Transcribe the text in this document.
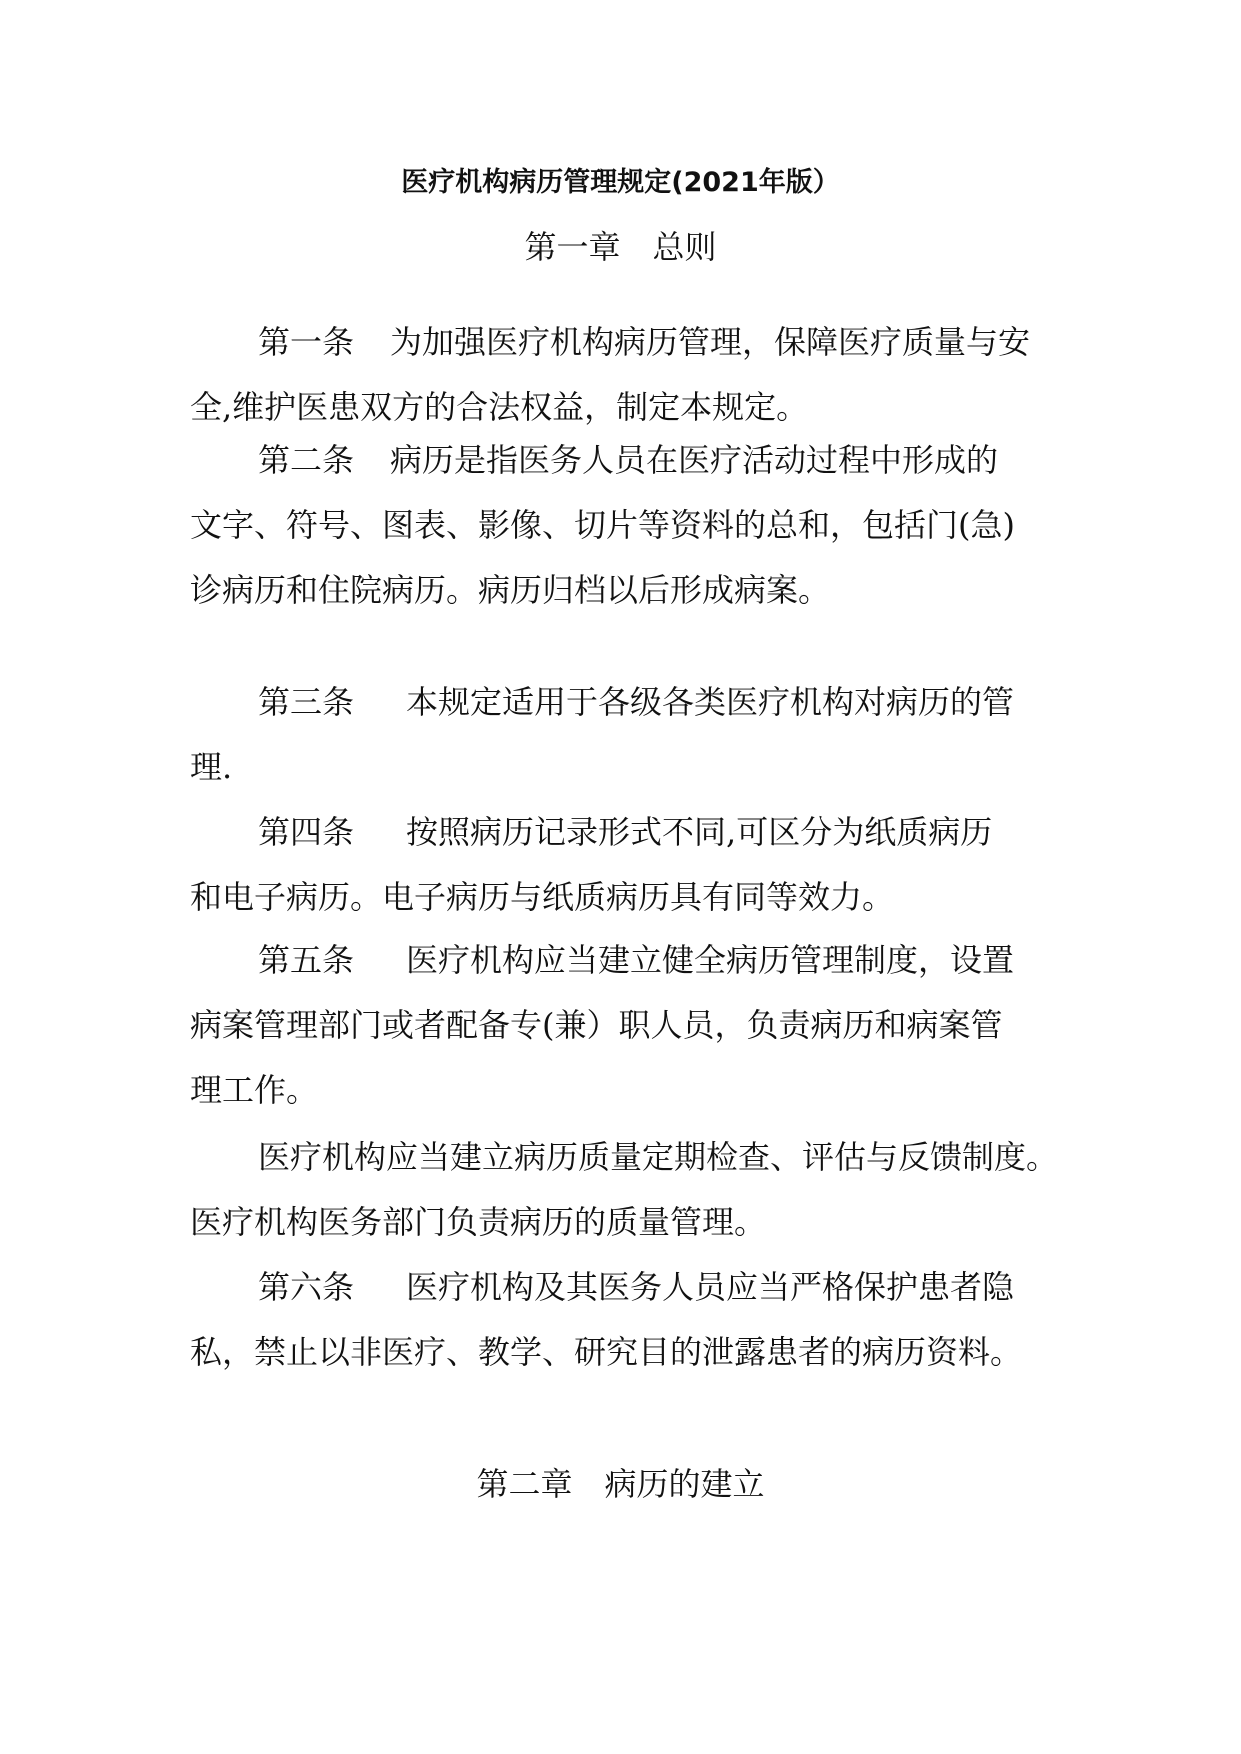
医疗机构病历管理规定(2021年版）
第一章 总则
第一条 为加强医疗机构病历管理，保障医疗质量与安
全,维护医患双方的合法权益，制定本规定。
第二条 病历是指医务人员在医疗活动过程中形成的
文字、符号、图表、影像、切片等资料的总和，包括门(急)
诊病历和住院病历。病历归档以后形成病案。
第三条 本规定适用于各级各类医疗机构对病历的管
理.
第四条 按照病历记录形式不同,可区分为纸质病历
和电子病历。电子病历与纸质病历具有同等效力。
第五条 医疗机构应当建立健全病历管理制度，设置
病案管理部门或者配备专(兼）职人员，负责病历和病案管
理工作。
医疗机构应当建立病历质量定期检查、评估与反馈制度。
医疗机构医务部门负责病历的质量管理。
第六条 医疗机构及其医务人员应当严格保护患者隐
私，禁止以非医疗、教学、研究目的泄露患者的病历资料。
第二章 病历的建立
